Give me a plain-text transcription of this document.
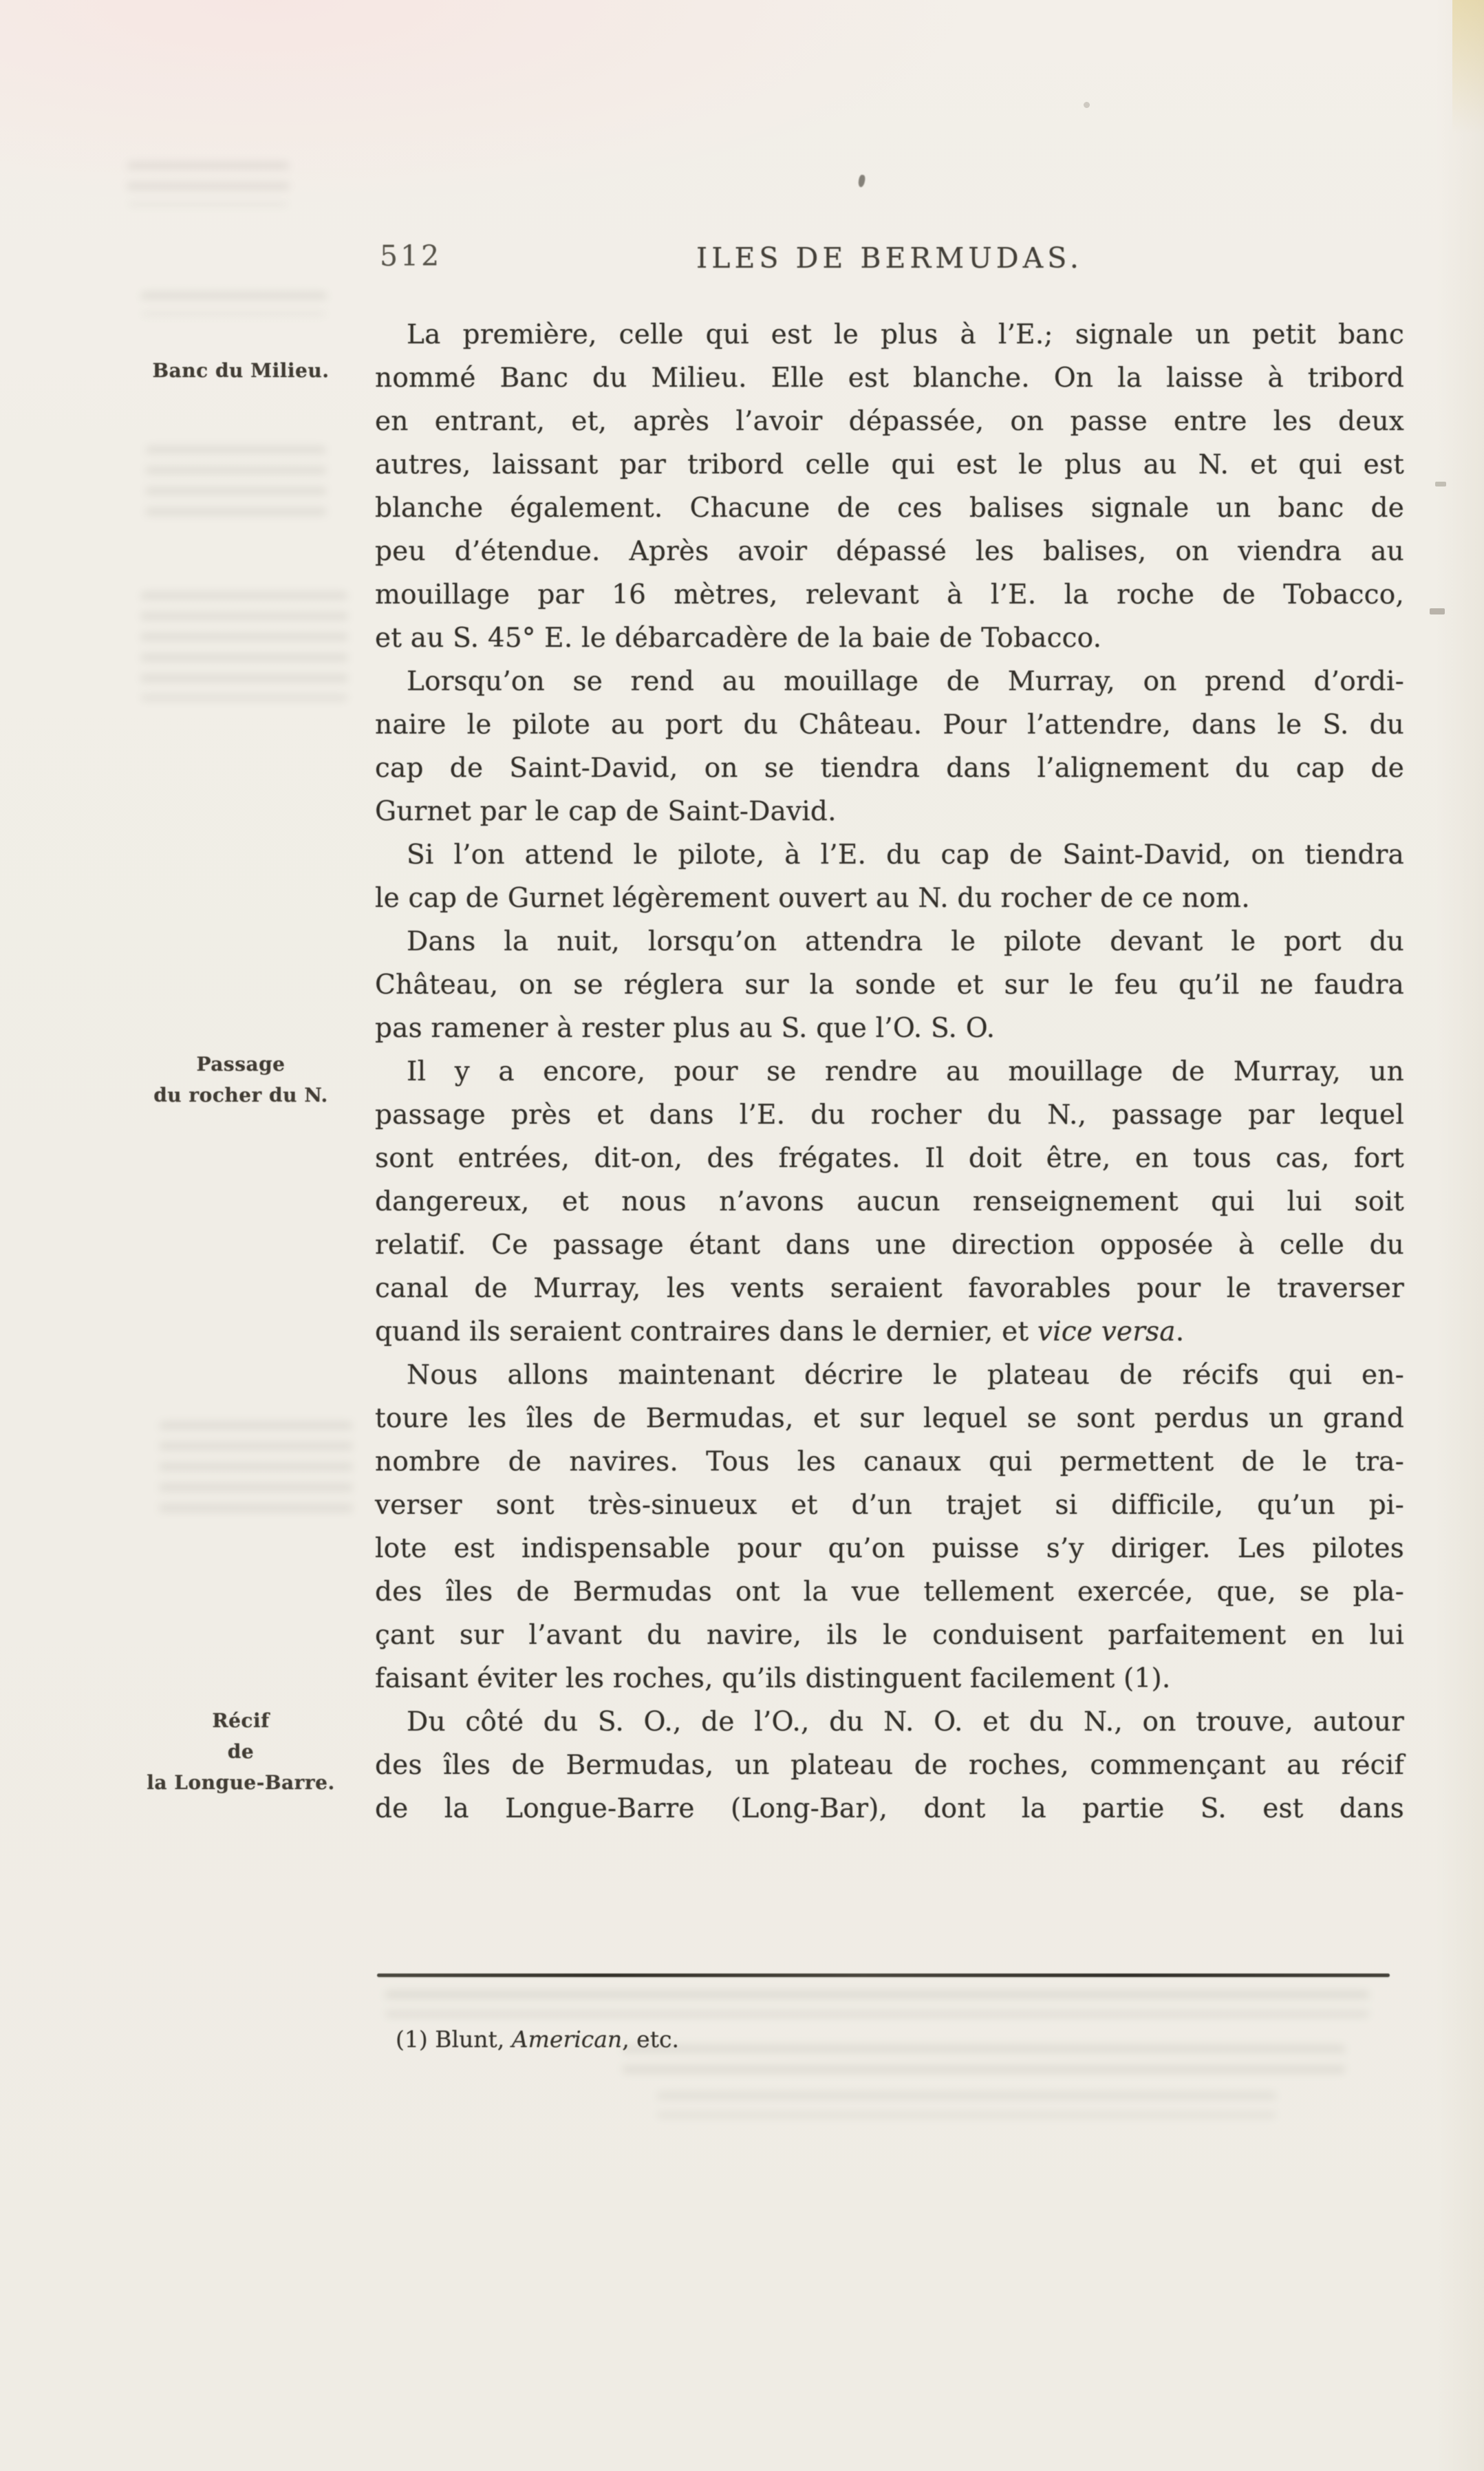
512	ILES DE BERMUDAS.
Banc du Milieu.
Passage
du rocher du N.
Récif
de
la Longue-Barre.
La première, celle qui est le plus à l’E.; signale un petit banc
nommé Banc du Milieu. Elle est blanche. On la laisse à tribord
en entrant, et, après l’avoir dépassée, on passe entre les deux
autres, laissant par tribord celle qui est le plus au N. et qui est
blanche également. Chacune de ces balises signale un banc de
peu d’étendue. Après avoir dépassé les balises, on viendra au
mouillage par 16 mètres, relevant à l’E. la roche de Tobacco,
et au S. 45° E. le débarcadère de la baie de Tobacco.
Lorsqu’on se rend au mouillage de Murray, on prend d’ordi-
naire le pilote au port du Château. Pour l’attendre, dans le S. du
cap de Saint-David, on se tiendra dans l’alignement du cap de
Gurnet par le cap de Saint-David.
Si l’on attend le pilote, à l’E. du cap de Saint-David, on tiendra
le cap de Gurnet légèrement ouvert au N. du rocher de ce nom.
Dans la nuit, lorsqu’on attendra le pilote devant le port du
Château, on se réglera sur la sonde et sur le feu qu’il ne faudra
pas ramener à rester plus au S. que l’O. S. O.
Il y a encore, pour se rendre au mouillage de Murray, un
passage près et dans l’E. du rocher du N., passage par lequel
sont entrées, dit-on, des frégates. Il doit être, en tous cas, fort
dangereux, et nous n’avons aucun renseignement qui lui soit
relatif. Ce passage étant dans une direction opposée à celle du
canal de Murray, les vents seraient favorables pour le traverser
quand ils seraient contraires dans le dernier, et vice versa.
Nous allons maintenant décrire le plateau de récifs qui en-
toure les îles de Bermudas, et sur lequel se sont perdus un grand
nombre de navires. Tous les canaux qui permettent de le tra-
verser sont très-sinueux et d’un trajet si difficile, qu’un pi-
lote est indispensable pour qu’on puisse s’y diriger. Les pilotes
des îles de Bermudas ont la vue tellement exercée, que, se pla-
çant sur l’avant du navire, ils le conduisent parfaitement en lui
faisant éviter les roches, qu’ils distinguent facilement (1).
Du côté du S. O., de l’O., du N. O. et du N., on trouve, autour
des îles de Bermudas, un plateau de roches, commençant au récif
de la Longue-Barre (Long-Bar), dont la partie S. est dans
(1) Blunt, American, etc.
